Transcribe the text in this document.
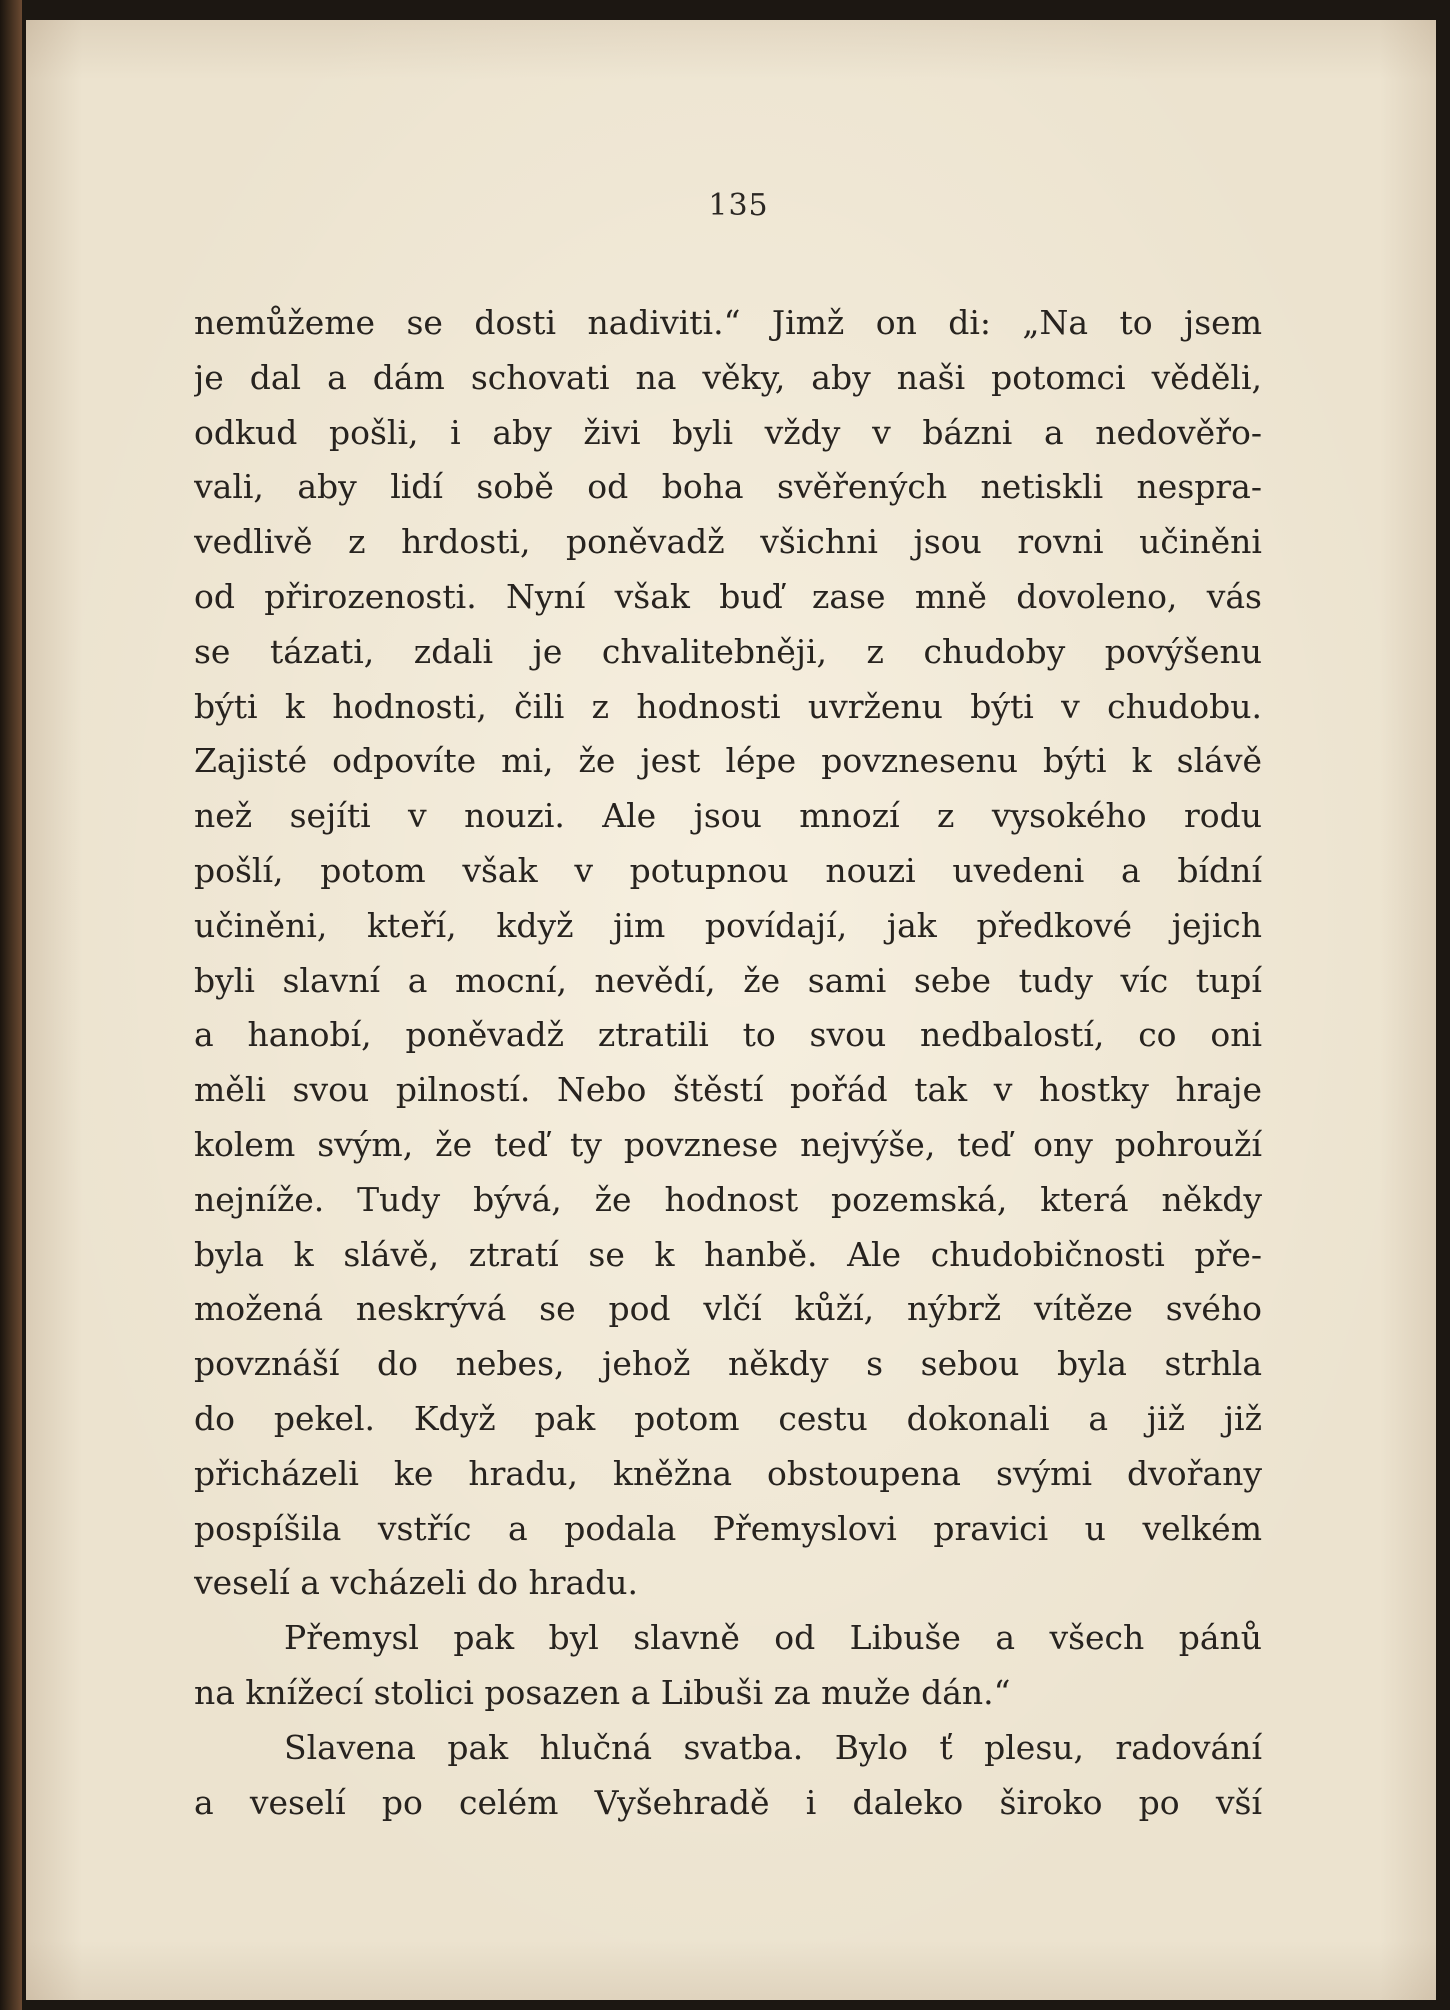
135
nemůžeme se dosti nadiviti.“ Jimž on di: „Na to jsem
je dal a dám schovati na věky, aby naši potomci věděli,
odkud pošli, i aby živi byli vždy v bázni a nedověřo-
vali, aby lidí sobě od boha svěřených netiskli nespra-
vedlivě z hrdosti, poněvadž všichni jsou rovni učiněni
od přirozenosti. Nyní však buď zase mně dovoleno, vás
se tázati, zdali je chvalitebněji, z chudoby povýšenu
býti k hodnosti, čili z hodnosti uvrženu býti v chudobu.
Zajisté odpovíte mi, že jest lépe povznesenu býti k slávě
než sejíti v nouzi. Ale jsou mnozí z vysokého rodu
pošlí, potom však v potupnou nouzi uvedeni a bídní
učiněni, kteří, když jim povídají, jak předkové jejich
byli slavní a mocní, nevědí, že sami sebe tudy víc tupí
a hanobí, poněvadž ztratili to svou nedbalostí, co oni
měli svou pilností. Nebo štěstí pořád tak v hostky hraje
kolem svým, že teď ty povznese nejvýše, teď ony pohrouží
nejníže. Tudy bývá, že hodnost pozemská, která někdy
byla k slávě, ztratí se k hanbě. Ale chudobičnosti pře-
možená neskrývá se pod vlčí kůží, nýbrž vítěze svého
povznáší do nebes, jehož někdy s sebou byla strhla
do pekel. Když pak potom cestu dokonali a již již
přicházeli ke hradu, kněžna obstoupena svými dvořany
pospíšila vstříc a podala Přemyslovi pravici u velkém
veselí a vcházeli do hradu.
Přemysl pak byl slavně od Libuše a všech pánů
na knížecí stolici posazen a Libuši za muže dán.“
Slavena pak hlučná svatba. Bylo ť plesu, radování
a veselí po celém Vyšehradě i daleko široko po vší
